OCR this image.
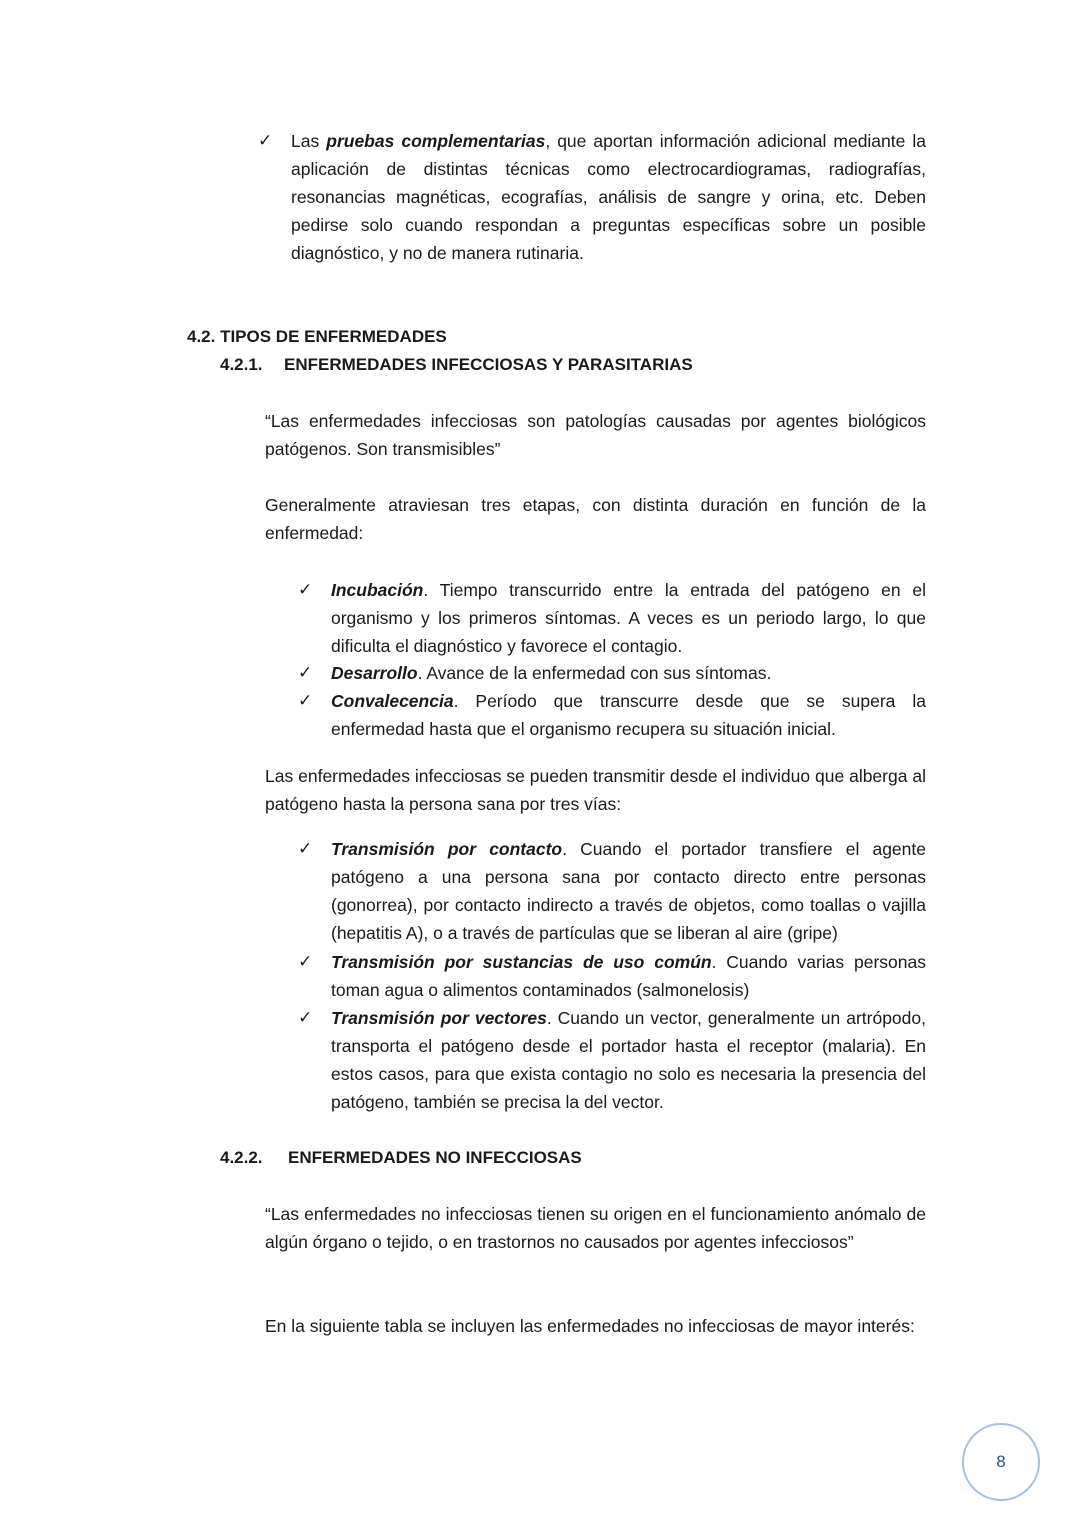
✓ Las pruebas complementarias, que aportan información adicional mediante la aplicación de distintas técnicas como electrocardiogramas, radiografías, resonancias magnéticas, ecografías, análisis de sangre y orina, etc. Deben pedirse solo cuando respondan a preguntas específicas sobre un posible diagnóstico, y no de manera rutinaria.

4.2. TIPOS DE ENFERMEDADES
4.2.1. ENFERMEDADES INFECCIOSAS Y PARASITARIAS

“Las enfermedades infecciosas son patologías causadas por agentes biológicos patógenos. Son transmisibles”

Generalmente atraviesan tres etapas, con distinta duración en función de la enfermedad:

✓ Incubación. Tiempo transcurrido entre la entrada del patógeno en el organismo y los primeros síntomas. A veces es un periodo largo, lo que dificulta el diagnóstico y favorece el contagio.

✓ Desarrollo. Avance de la enfermedad con sus síntomas.

✓ Convalecencia. Período que transcurre desde que se supera la enfermedad hasta que el organismo recupera su situación inicial.

Las enfermedades infecciosas se pueden transmitir desde el individuo que alberga al patógeno hasta la persona sana por tres vías:

✓ Transmisión por contacto. Cuando el portador transfiere el agente patógeno a una persona sana por contacto directo entre personas (gonorrea), por contacto indirecto a través de objetos, como toallas o vajilla (hepatitis A), o a través de partículas que se liberan al aire (gripe)

✓ Transmisión por sustancias de uso común. Cuando varias personas toman agua o alimentos contaminados (salmonelosis)

✓ Transmisión por vectores. Cuando un vector, generalmente un artrópodo, transporta el patógeno desde el portador hasta el receptor (malaria). En estos casos, para que exista contagio no solo es necesaria la presencia del patógeno, también se precisa la del vector.

4.2.2. ENFERMEDADES NO INFECCIOSAS

“Las enfermedades no infecciosas tienen su origen en el funcionamiento anómalo de algún órgano o tejido, o en trastornos no causados por agentes infecciosos”

En la siguiente tabla se incluyen las enfermedades no infecciosas de mayor interés:

8
